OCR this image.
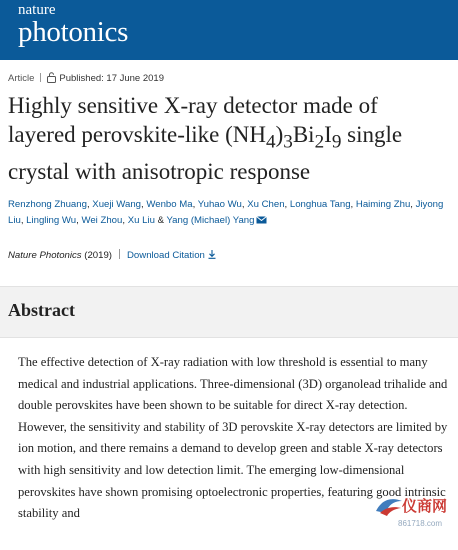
nature
photonics
Article	Published: 17 June 2019
Highly sensitive X-ray detector made of
layered perovskite-like $(NH_4)_3Bi_2I_9$ single
crystal with anisotropic response
Renzhong Zhuang, Xueji Wang, Wenbo Ma, Yuhao Wu, Xu Chen, Longhua Tang, Haiming Zhu, Jiyong Liu, Lingling Wu, Wei Zhou, Xu Liu & Yang (Michael) Yang
Nature Photonics (2019) Download Citation
Abstract

The effective detection of X-ray radiation with low threshold is essential to many medical and industrial applications. Three-dimensional (3D) organolead trihalide and double perovskites have been shown to be suitable for direct X-ray detection. However, the sensitivity and stability of 3D perovskite X-ray detectors are limited by ion motion, and there remains a demand to develop green and stable X-ray detectors with high sensitivity and low detection limit. The emerging low-dimensional perovskites have shown promising optoelectronic properties, featuring good intrinsic stability and	仪商网
861718.com
